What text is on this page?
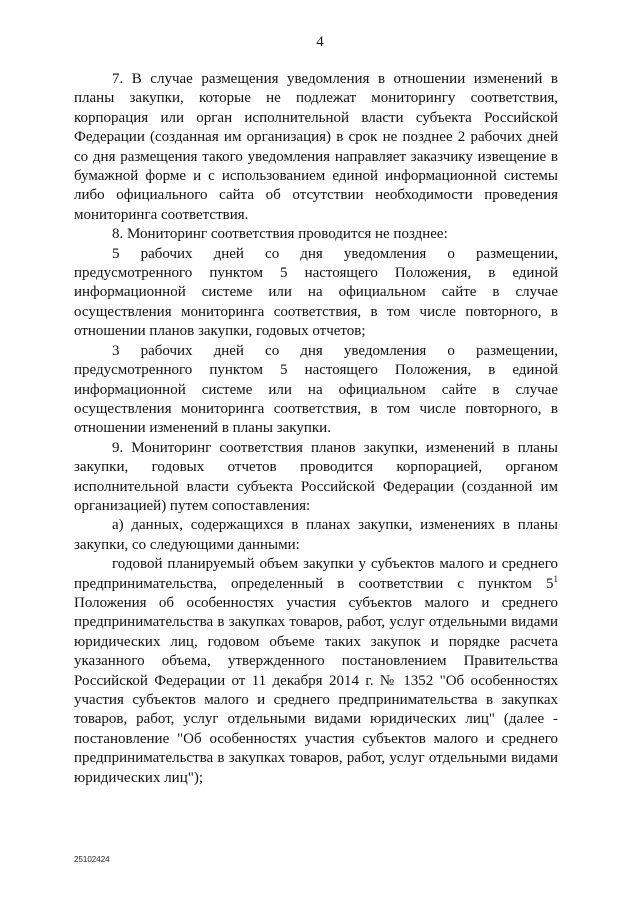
4

7. В случае размещения уведомления в отношении изменений в планы закупки, которые не подлежат мониторингу соответствия, корпорация или орган исполнительной власти субъекта Российской Федерации (созданная им организация) в срок не позднее 2 рабочих дней со дня размещения такого уведомления направляет заказчику извещение в бумажной форме и с использованием единой информационной системы либо официального сайта об отсутствии необходимости проведения мониторинга соответствия.

8. Мониторинг соответствия проводится не позднее:

5 рабочих дней со дня уведомления о размещении, предусмотренного пунктом 5 настоящего Положения, в единой информационной системе или на официальном сайте в случае осуществления мониторинга соответствия, в том числе повторного, в отношении планов закупки, годовых отчетов;

3 рабочих дней со дня уведомления о размещении, предусмотренного пунктом 5 настоящего Положения, в единой информационной системе или на официальном сайте в случае осуществления мониторинга соответствия, в том числе повторного, в отношении изменений в планы закупки.

9. Мониторинг соответствия планов закупки, изменений в планы закупки, годовых отчетов проводится корпорацией, органом исполнительной власти субъекта Российской Федерации (созданной им организацией) путем сопоставления:

а) данных, содержащихся в планах закупки, изменениях в планы закупки, со следующими данными:

годовой планируемый объем закупки у субъектов малого и среднего предпринимательства, определенный в соответствии с пунктом $5^1$ Положения об особенностях участия субъектов малого и среднего предпринимательства в закупках товаров, работ, услуг отдельными видами юридических лиц, годовом объеме таких закупок и порядке расчета указанного объема, утвержденного постановлением Правительства Российской Федерации от 11 декабря 2014 г. № 1352 "Об особенностях участия субъектов малого и среднего предпринимательства в закупках товаров, работ, услуг отдельными видами юридических лиц" (далее - постановление "Об особенностях участия субъектов малого и среднего предпринимательства в закупках товаров, работ, услуг отдельными видами юридических лиц");

25102424
